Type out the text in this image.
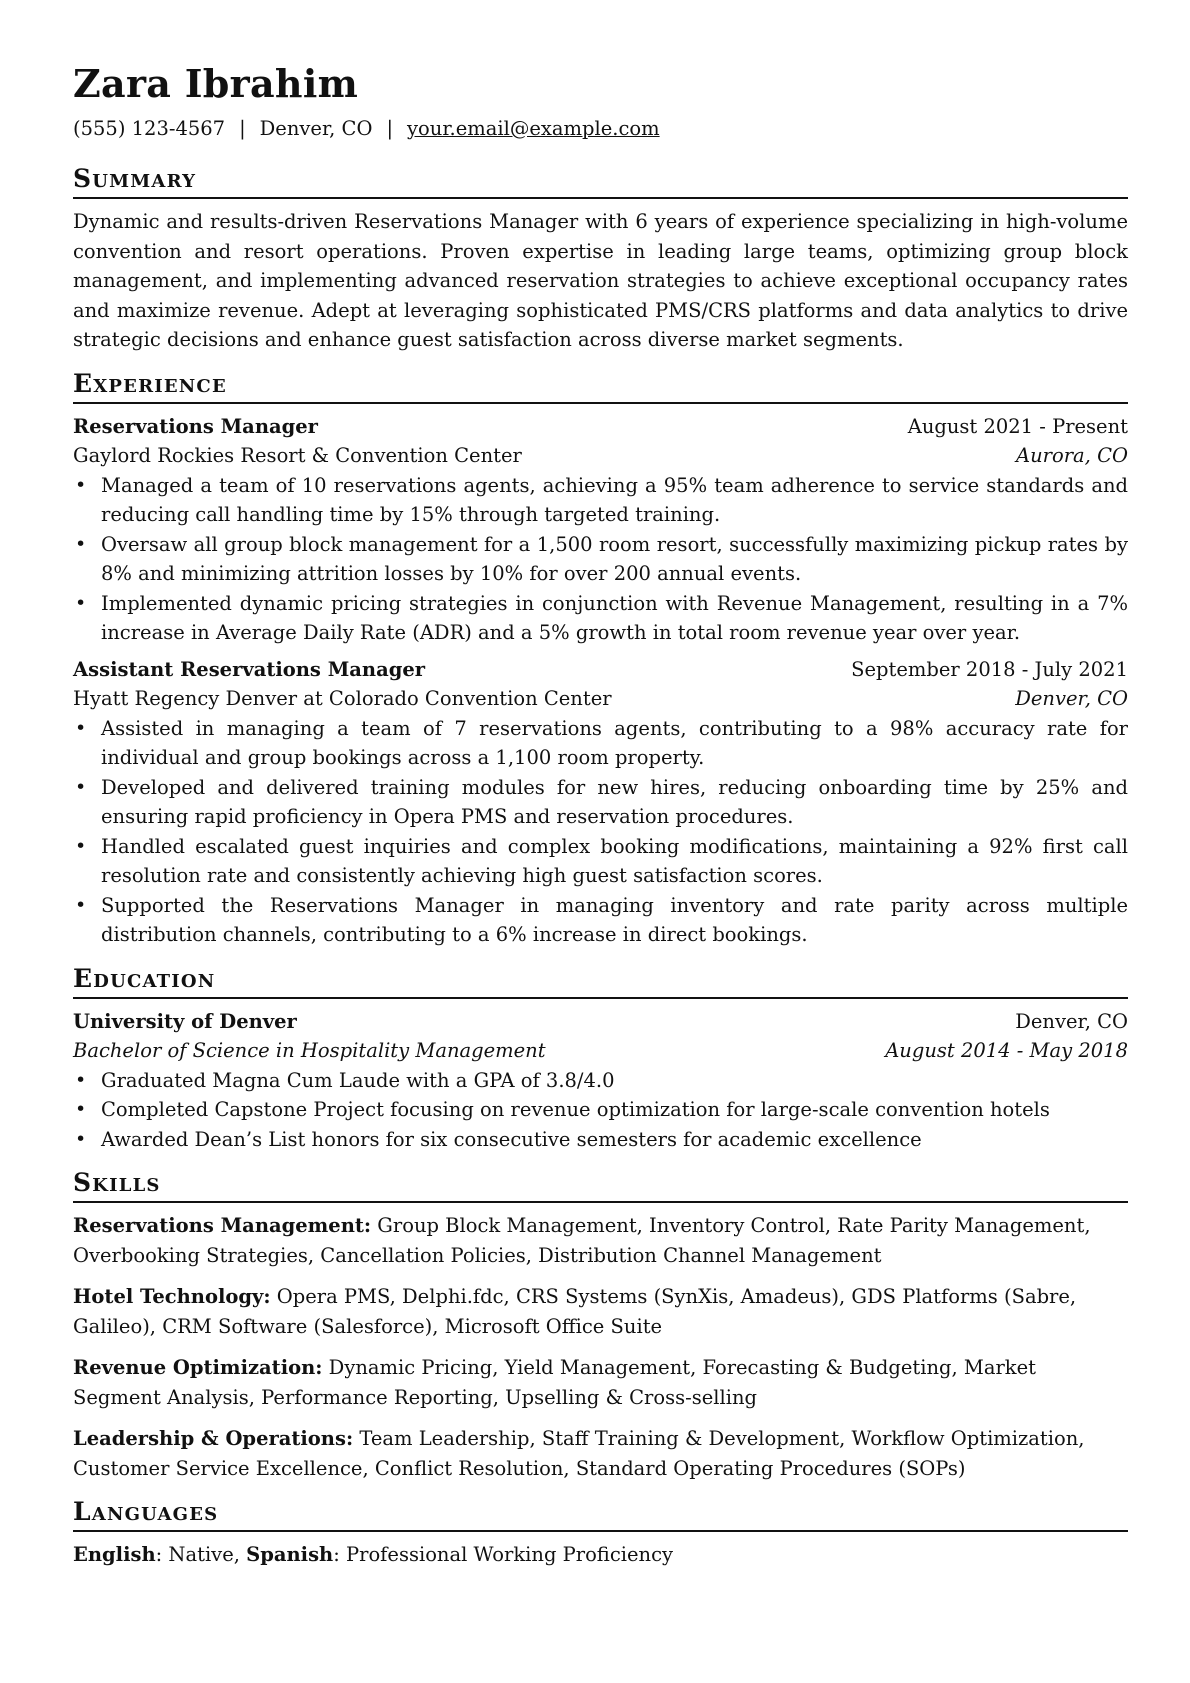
Zara Ibrahim
(555) 123-4567 | Denver, CO | your.email@example.com
Summary
Dynamic and results-driven Reservations Manager with 6 years of experience specializing in high-volume convention and resort operations. Proven expertise in leading large teams, optimizing group block management, and implementing advanced reservation strategies to achieve exceptional occupancy rates and maximize revenue. Adept at leveraging sophisticated PMS/CRS platforms and data analytics to drive strategic decisions and enhance guest satisfaction across diverse market segments.
Experience
Reservations Manager	August 2021 - Present
Gaylord Rockies Resort & Convention Center	Aurora, CO
• Managed a team of 10 reservations agents, achieving a 95% team adherence to service standards and reducing call handling time by 15% through targeted training.
• Oversaw all group block management for a 1,500 room resort, successfully maximizing pickup rates by 8% and minimizing attrition losses by 10% for over 200 annual events.
• Implemented dynamic pricing strategies in conjunction with Revenue Management, resulting in a 7% increase in Average Daily Rate (ADR) and a 5% growth in total room revenue year over year.
Assistant Reservations Manager	September 2018 - July 2021
Hyatt Regency Denver at Colorado Convention Center	Denver, CO
• Assisted in managing a team of 7 reservations agents, contributing to a 98% accuracy rate for individual and group bookings across a 1,100 room property.
• Developed and delivered training modules for new hires, reducing onboarding time by 25% and ensuring rapid proficiency in Opera PMS and reservation procedures.
• Handled escalated guest inquiries and complex booking modifications, maintaining a 92% first call resolution rate and consistently achieving high guest satisfaction scores.
• Supported the Reservations Manager in managing inventory and rate parity across multiple distribution channels, contributing to a 6% increase in direct bookings.
Education
University of Denver	Denver, CO
Bachelor of Science in Hospitality Management	August 2014 - May 2018
• Graduated Magna Cum Laude with a GPA of 3.8/4.0
• Completed Capstone Project focusing on revenue optimization for large-scale convention hotels
• Awarded Dean’s List honors for six consecutive semesters for academic excellence
Skills
Reservations Management: Group Block Management, Inventory Control, Rate Parity Management, Overbooking Strategies, Cancellation Policies, Distribution Channel Management
Hotel Technology: Opera PMS, Delphi.fdc, CRS Systems (SynXis, Amadeus), GDS Platforms (Sabre, Galileo), CRM Software (Salesforce), Microsoft Office Suite
Revenue Optimization: Dynamic Pricing, Yield Management, Forecasting & Budgeting, Market Segment Analysis, Performance Reporting, Upselling & Cross-selling
Leadership & Operations: Team Leadership, Staff Training & Development, Workflow Optimization, Customer Service Excellence, Conflict Resolution, Standard Operating Procedures (SOPs)
Languages
English: Native, Spanish: Professional Working Proficiency
